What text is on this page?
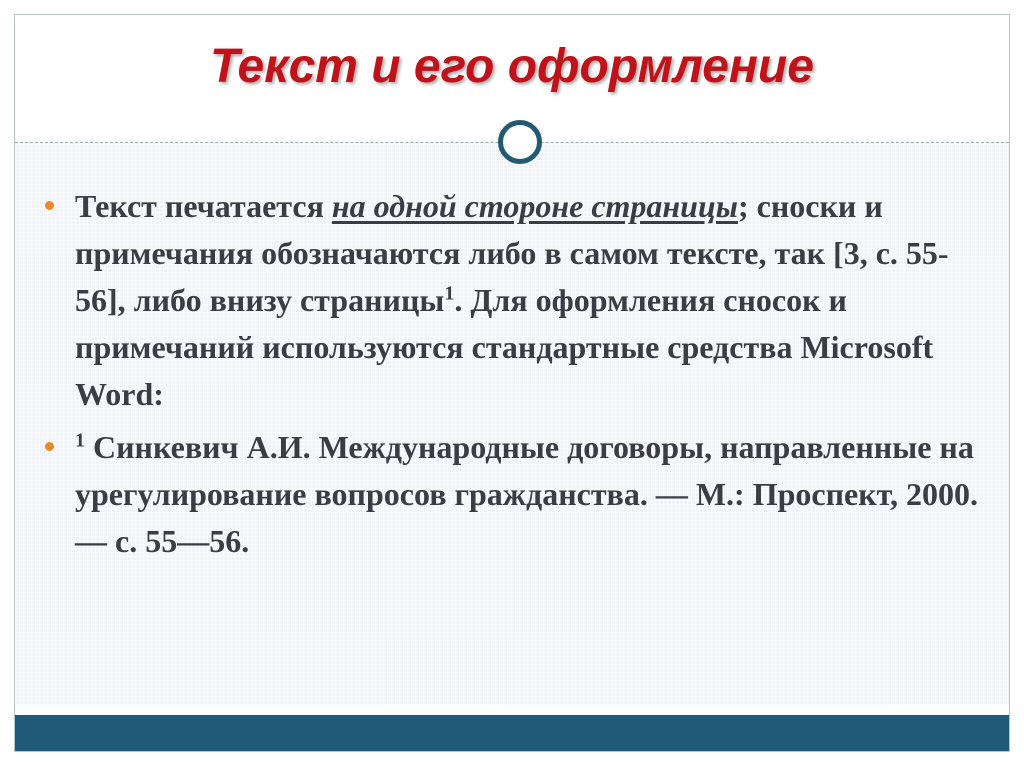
Текст и его оформление
Текст печатается на одной стороне страницы; сноски и примечания обозначаются либо в самом тексте, так [3, с. 55-56], либо внизу страницы$^1$. Для оформления сносок и примечаний используются стандартные средства Microsoft Word:
$^1$ Синкевич А.И. Международные договоры, направленные на урегулирование вопросов гражданства. — М.: Проспект, 2000. — с. 55—56.
